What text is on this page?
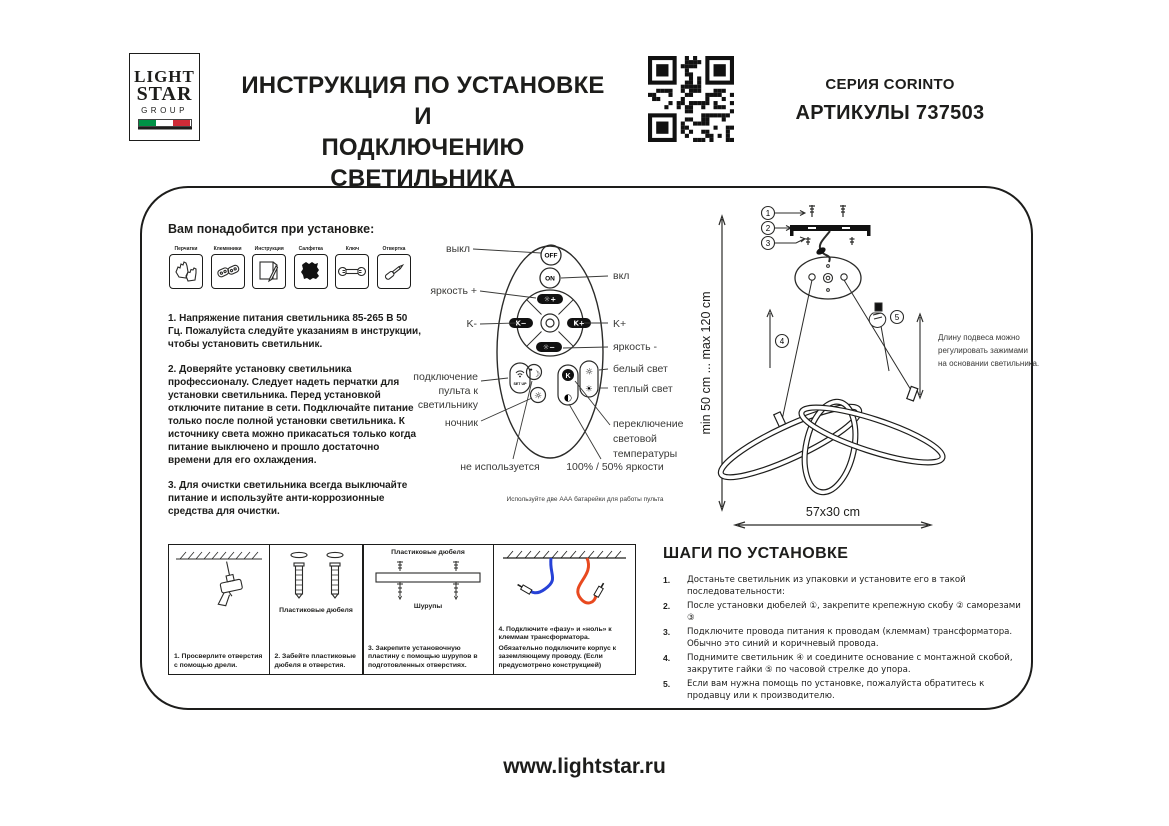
LIGHT
STAR
GROUP
ИНСТРУКЦИЯ ПО УСТАНОВКЕ И
ПОДКЛЮЧЕНИЮ СВЕТИЛЬНИКА
СЕРИЯ CORINTO
АРТИКУЛЫ 737503
Вам понадобится при установке:
Перчатки	Клеммники	Инструкция	Салфетка	Ключ	Отвертка

1. Напряжение питания светильника 85-265 В 50 Гц. Пожалуйста следуйте указаниям в инструкции, чтобы установить светильник.

2. Доверяйте установку светильника профессионалу. Следует надеть перчатки для установки светильника. Перед установкой отключите питание в сети. Подключайте питание только после полной установки светильника. К источнику света можно прикасаться только когда питание выключено и прошло достаточно времени для его охлаждения.

3. Для очистки светильника всегда выключайте питание и используйте анти-коррозионные средства для очистки.

OFF
ON
☼+
☼−
K−	K+
SET UP
★ ☽
☼
K
◐
☼
☀
выкл
вкл
яркость +
K-	K+
яркость -
белый свет
теплый свет
подключение
пульта к
светильнику
ночник
не используется
переключение
световой
температуры
100% / 50% яркости
Используйте две ААА батарейки для работы пульта
1
2
3
4
5
Длину подвеса можно
регулировать зажимами
на основании светильника.
min 50 cm ... max 120 cm
57x30 cm
1. Просверлите отверстия с помощью дрели.
Пластиковые дюбеля
2. Забейте пластиковые дюбеля в отверстия.
Пластиковые дюбеля
Шурупы
3. Закрепите установочную пластину с помощью шурупов в подготовленных отверстиях.
4. Подключите «фазу» и «ноль» к клеммам трансформатора.
Обязательно подключите корпус к заземляющему проводу. (Если предусмотрено конструкцией)
ШАГИ ПО УСТАНОВКЕ
1.	Достаньте светильник из упаковки и установите его в такой последовательности:
2.	После установки дюбелей ①, закрепите крепежную скобу ② саморезами ③
3.	Подключите провода питания к проводам (клеммам) трансформатора. Обычно это синий и коричневый провода.
4.	Поднимите светильник ④ и соедините основание с монтажной скобой, закрутите гайки ⑤ по часовой стрелке до упора.
5.	Если вам нужна помощь по установке, пожалуйста обратитесь к продавцу или к производителю.
www.lightstar.ru
